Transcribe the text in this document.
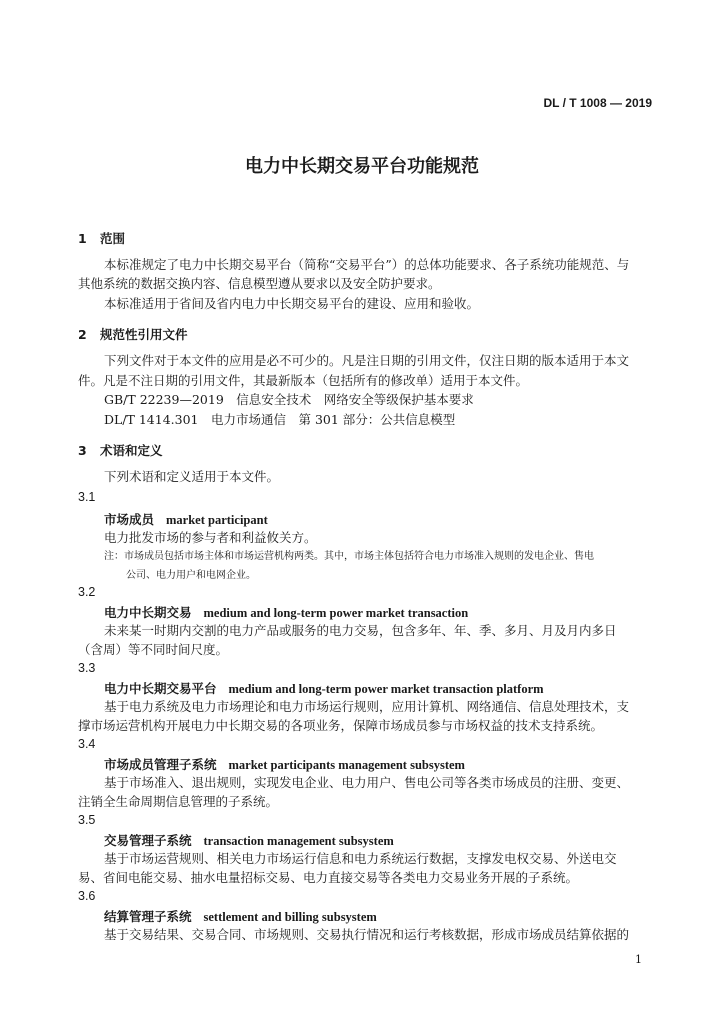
DL / T 1008 — 2019
电力中长期交易平台功能规范
1 范围

本标准规定了电力中长期交易平台（简称“交易平台”）的总体功能要求、各子系统功能规范、与

其他系统的数据交换内容、信息模型遵从要求以及安全防护要求。

本标准适用于省间及省内电力中长期交易平台的建设、应用和验收。

2 规范性引用文件

下列文件对于本文件的应用是必不可少的。凡是注日期的引用文件，仅注日期的版本适用于本文

件。凡是不注日期的引用文件，其最新版本（包括所有的修改单）适用于本文件。

GB/T 22239—2019　信息安全技术　网络安全等级保护基本要求

DL/T 1414.301　电力市场通信　第 301 部分：公共信息模型

3 术语和定义

下列术语和定义适用于本文件。

3.1
市场成员 market participant

电力批发市场的参与者和利益攸关方。

注：市场成员包括市场主体和市场运营机构两类。其中，市场主体包括符合电力市场准入规则的发电企业、售电

公司、电力用户和电网企业。

3.2
电力中长期交易 medium and long-term power market transaction

未来某一时期内交割的电力产品或服务的电力交易，包含多年、年、季、多月、月及月内多日

（含周）等不同时间尺度。

3.3
电力中长期交易平台 medium and long-term power market transaction platform

基于电力系统及电力市场理论和电力市场运行规则，应用计算机、网络通信、信息处理技术，支

撑市场运营机构开展电力中长期交易的各项业务，保障市场成员参与市场权益的技术支持系统。

3.4
市场成员管理子系统 market participants management subsystem

基于市场准入、退出规则，实现发电企业、电力用户、售电公司等各类市场成员的注册、变更、

注销全生命周期信息管理的子系统。

3.5
交易管理子系统 transaction management subsystem

基于市场运营规则、相关电力市场运行信息和电力系统运行数据，支撑发电权交易、外送电交

易、省间电能交易、抽水电量招标交易、电力直接交易等各类电力交易业务开展的子系统。

3.6
结算管理子系统 settlement and billing subsystem

基于交易结果、交易合同、市场规则、交易执行情况和运行考核数据，形成市场成员结算依据的

1
